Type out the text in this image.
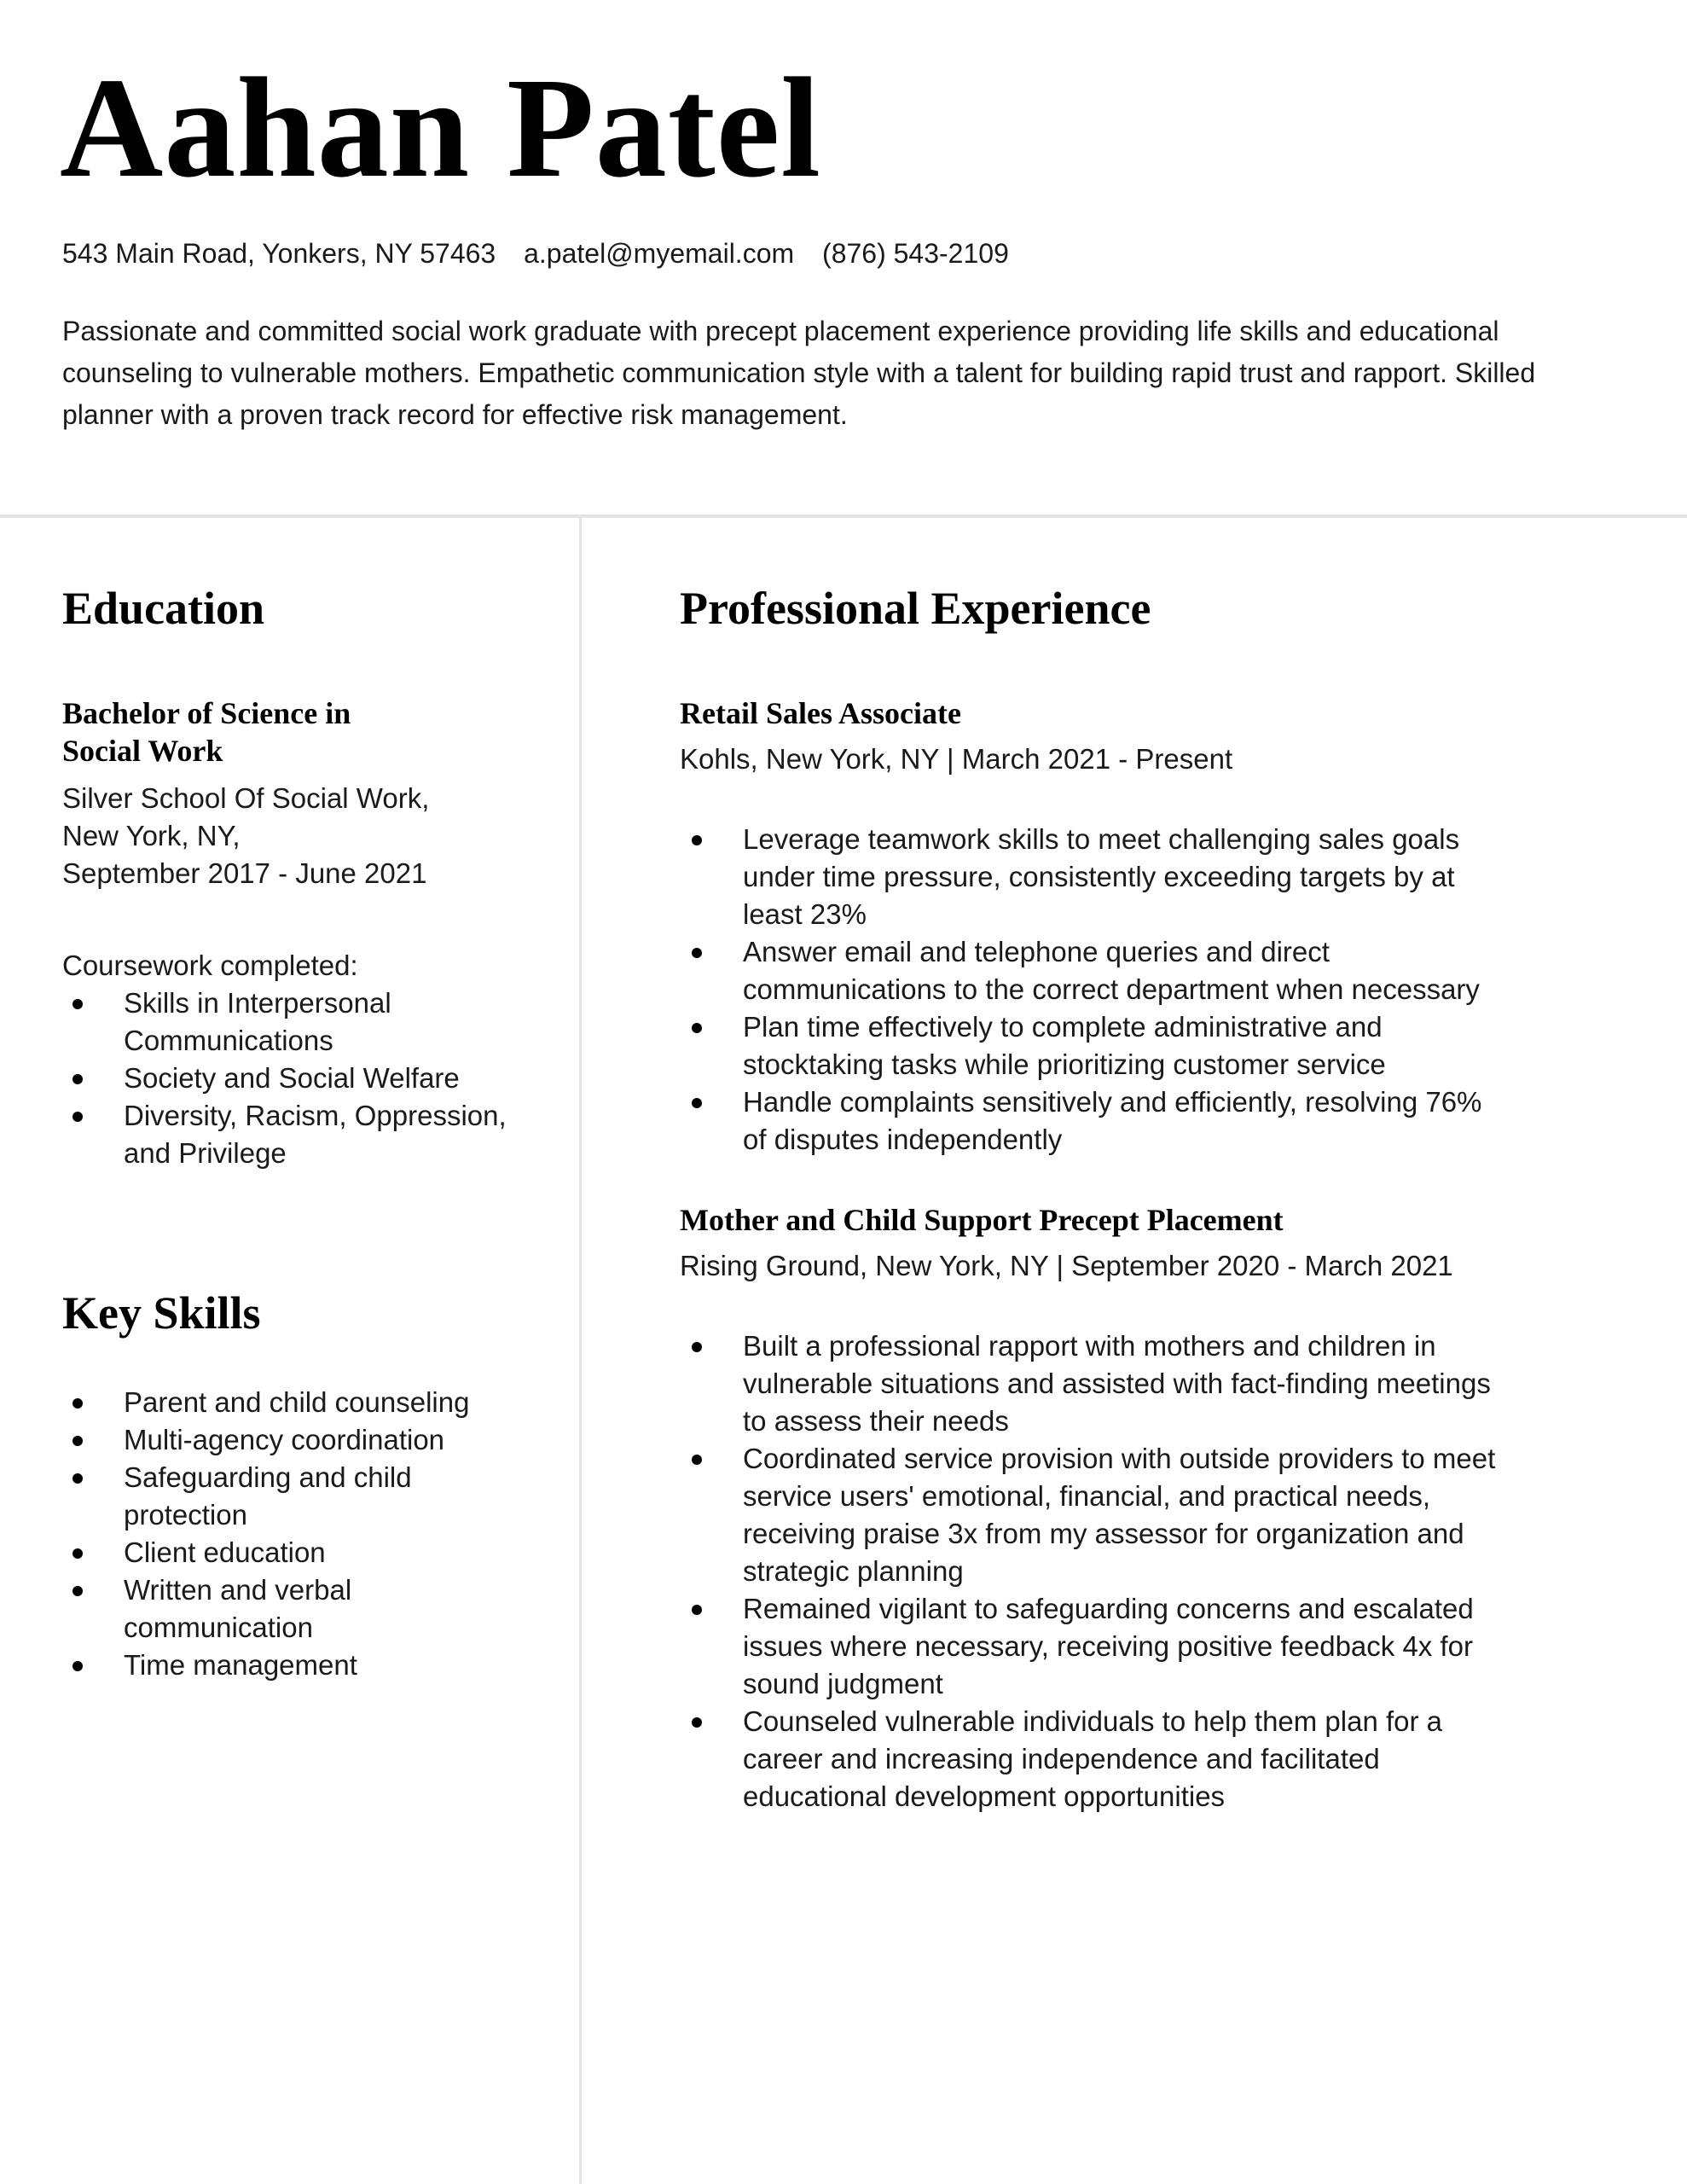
Aahan Patel
543 Main Road, Yonkers, NY 57463 a.patel@myemail.com (876) 543-2109

Passionate and committed social work graduate with precept placement experience providing life skills and educational counseling to vulnerable mothers. Empathetic communication style with a talent for building rapid trust and rapport. Skilled planner with a proven track record for effective risk management.

Education

Bachelor of Science in Social Work

Silver School Of Social Work,

New York, NY,

September 2017 - June 2021

Coursework completed:

Skills in Interpersonal Communications
Society and Social Welfare
Diversity, Racism, Oppression, and Privilege
Key Skills
Parent and child counseling
Multi-agency coordination
Safeguarding and child protection
Client education
Written and verbal communication
Time management
Professional Experience

Retail Sales Associate

Kohls, New York, NY | March 2021 - Present

Leverage teamwork skills to meet challenging sales goals under time pressure, consistently exceeding targets by at least 23%
Answer email and telephone queries and direct communications to the correct department when necessary
Plan time effectively to complete administrative and stocktaking tasks while prioritizing customer service
Handle complaints sensitively and efficiently, resolving 76% of disputes independently

Mother and Child Support Precept Placement

Rising Ground, New York, NY | September 2020 - March 2021

Built a professional rapport with mothers and children in vulnerable situations and assisted with fact-finding meetings to assess their needs
Coordinated service provision with outside providers to meet service users' emotional, financial, and practical needs, receiving praise 3x from my assessor for organization and strategic planning
Remained vigilant to safeguarding concerns and escalated issues where necessary, receiving positive feedback 4x for sound judgment
Counseled vulnerable individuals to help them plan for a career and increasing independence and facilitated educational development opportunities
